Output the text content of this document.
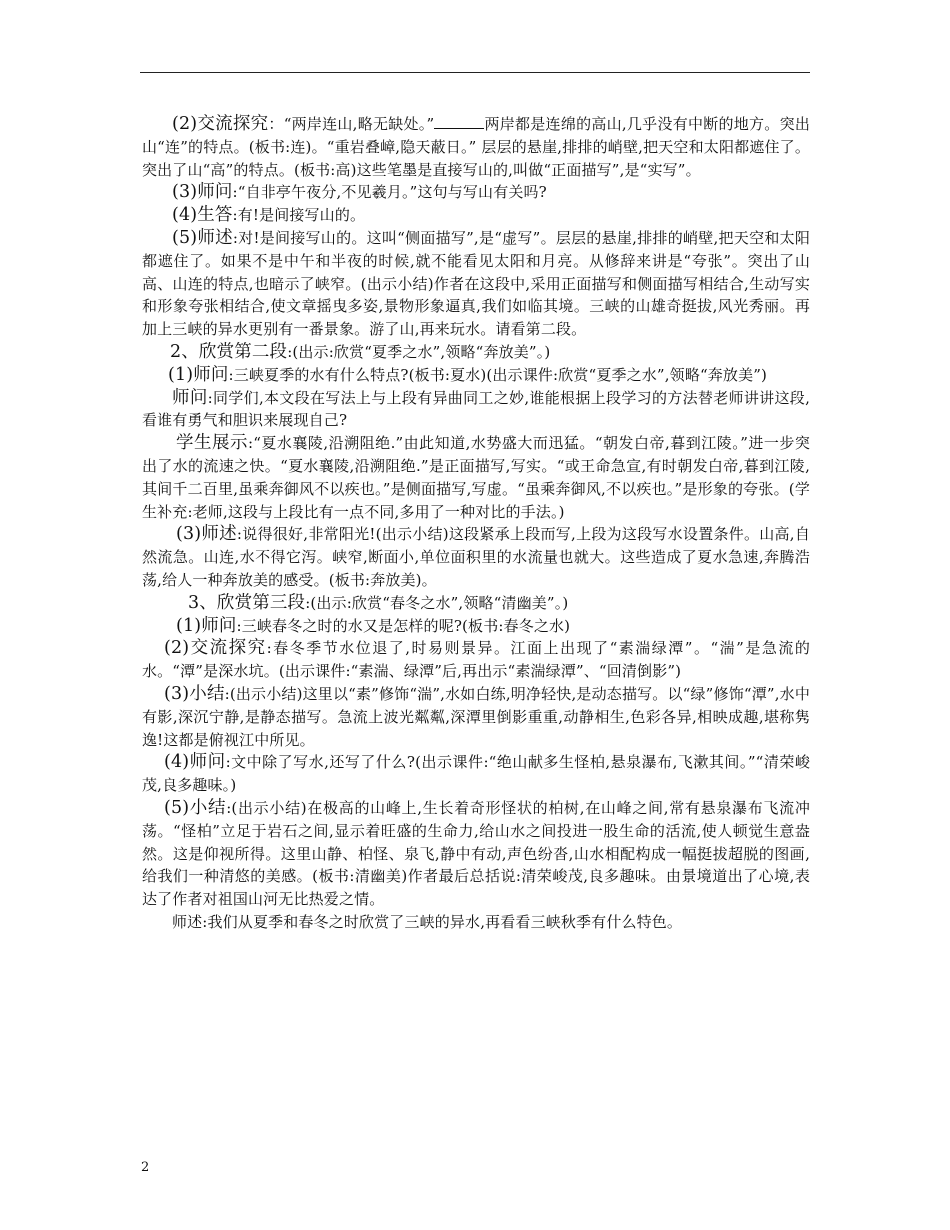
(2)交流探究：“两岸连山,略无缺处。”	两岸都是连绵的高山,几乎没有中断的地方。突出山“连”的特点。(板书:连)。“重岩叠嶂,隐天蔽日。” 层层的悬崖,排排的峭壁,把天空和太阳都遮住了。 突出了山“高”的特点。(板书:高)这些笔墨是直接写山的,叫做“正面描写”,是“实写”。

(3)师问:“自非亭午夜分,不见羲月。”这句与写山有关吗?

(4)生答:有!是间接写山的。

(5)师述:对!是间接写山的。这叫“侧面描写”,是“虚写”。层层的悬崖,排排的峭壁,把天空和太阳都遮住了。如果不是中午和半夜的时候,就不能看见太阳和月亮。从修辞来讲是“夸张”。突出了山高、山连的特点,也暗示了峡窄。(出示小结)作者在这段中,采用正面描写和侧面描写相结合,生动写实和形象夸张相结合,使文章摇曳多姿,景物形象逼真,我们如临其境。三峡的山雄奇挺拔,风光秀丽。再加上三峡的异水更别有一番景象。游了山,再来玩水。请看第二段。

2、欣赏第二段:(出示:欣赏“夏季之水”,领略“奔放美”。)

(1)师问:三峡夏季的水有什么特点?(板书:夏水)(出示课件:欣赏“夏季之水”,领略“奔放美”)

师问:同学们,本文段在写法上与上段有异曲同工之妙,谁能根据上段学习的方法替老师讲讲这段,看谁有勇气和胆识来展现自己?

学生展示:“夏水襄陵,沿溯阻绝.”由此知道,水势盛大而迅猛。“朝发白帝,暮到江陵。”进一步突出了水的流速之快。“夏水襄陵,沿溯阻绝.”是正面描写,写实。“或王命急宣,有时朝发白帝,暮到江陵,其间千二百里,虽乘奔御风不以疾也。”是侧面描写,写虚。“虽乘奔御风,不以疾也。”是形象的夸张。(学生补充:老师,这段与上段比有一点不同,多用了一种对比的手法。)

(3)师述:说得很好,非常阳光!(出示小结)这段紧承上段而写,上段为这段写水设置条件。山高,自然流急。山连,水不得它泻。峡窄,断面小,单位面积里的水流量也就大。这些造成了夏水急速,奔腾浩荡,给人一种奔放美的感受。(板书:奔放美)。

3、欣赏第三段:(出示:欣赏“春冬之水”,领略“清幽美”。)

(1)师问:三峡春冬之时的水又是怎样的呢?(板书:春冬之水)

(2)交流探究:春冬季节水位退了,时易则景异。江面上出现了“素湍绿潭”。“湍”是急流的水。“潭”是深水坑。(出示课件:“素湍、绿潭”后,再出示“素湍绿潭”、“回清倒影”)

(3)小结:(出示小结)这里以“素”修饰“湍”,水如白练,明净轻快,是动态描写。以“绿”修饰“潭”,水中有影,深沉宁静,是静态描写。急流上波光粼粼,深潭里倒影重重,动静相生,色彩各异,相映成趣,堪称隽逸!这都是俯视江中所见。

(4)师问:文中除了写水,还写了什么?(出示课件:“绝山献多生怪柏,悬泉瀑布,飞漱其间。”“清荣峻茂,良多趣味。)

(5)小结:(出示小结)在极高的山峰上,生长着奇形怪状的柏树,在山峰之间,常有悬泉瀑布飞流冲荡。“怪柏”立足于岩石之间,显示着旺盛的生命力,给山水之间投进一股生命的活流,使人顿觉生意盎然。这是仰视所得。这里山静、柏怪、泉飞,静中有动,声色纷沓,山水相配构成一幅挺拔超脱的图画,给我们一种清悠的美感。(板书:清幽美)作者最后总括说:清荣峻茂,良多趣味。由景境道出了心境,表达了作者对祖国山河无比热爱之情。

师述:我们从夏季和春冬之时欣赏了三峡的异水,再看看三峡秋季有什么特色。

2
